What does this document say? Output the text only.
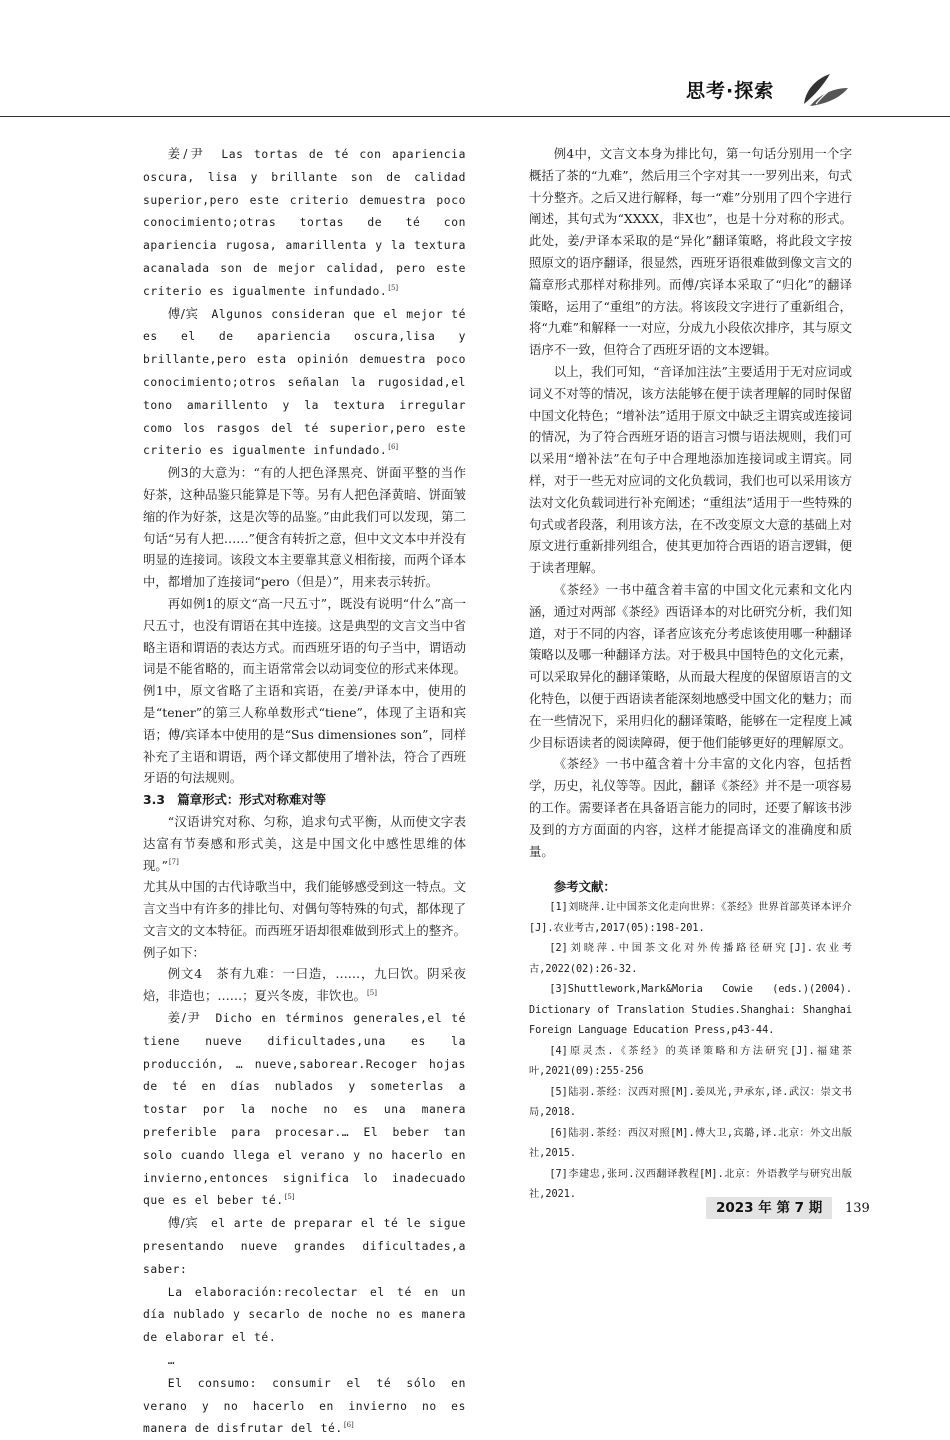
思考·探索

姜/尹　Las tortas de té con apariencia oscura, lisa y brillante son de calidad superior,pero este criterio demuestra poco conocimiento;otras tortas de té con apariencia rugosa, amarillenta y la textura acanalada son de mejor calidad, pero este criterio es igualmente infundado.[5]

傅/宾　Algunos consideran que el mejor té es el de apariencia oscura,lisa y brillante,pero esta opinión demuestra poco conocimiento;otros señalan la rugosidad,el tono amarillento y la textura irregular como los rasgos del té superior,pero este criterio es igualmente infundado.[6]

例3的大意为：“有的人把色泽黑亮、饼面平整的当作好茶，这种品鉴只能算是下等。另有人把色泽黄暗、饼面皱缩的作为好茶，这是次等的品鉴。”由此我们可以发现，第二句话“另有人把……”便含有转折之意，但中文文本中并没有明显的连接词。该段文本主要靠其意义相衔接，而两个译本中，都增加了连接词“pero（但是）”，用来表示转折。

再如例1的原文“高一尺五寸”，既没有说明“什么”高一尺五寸，也没有谓语在其中连接。这是典型的文言文当中省略主语和谓语的表达方式。而西班牙语的句子当中，谓语动词是不能省略的，而主语常常会以动词变位的形式来体现。例1中，原文省略了主语和宾语，在姜/尹译本中，使用的是“tener”的第三人称单数形式“tiene”，体现了主语和宾语；傅/宾译本中使用的是“Sus dimensiones son”，同样补充了主语和谓语，两个译文都使用了增补法，符合了西班牙语的句法规则。

3.3　篇章形式：形式对称难对等

“汉语讲究对称、匀称，追求句式平衡，从而使文字表达富有节奏感和形式美，这是中国文化中感性思维的体现。”[7]

尤其从中国的古代诗歌当中，我们能够感受到这一特点。文言文当中有许多的排比句、对偶句等特殊的句式，都体现了文言文的文本特征。而西班牙语却很难做到形式上的整齐。例子如下：

例文4　茶有九难：一曰造，……，九曰饮。阴采夜焙，非造也；……；夏兴冬废，非饮也。[5]

姜/尹　Dicho en términos generales,el té tiene nueve dificultades,una es la producción, … nueve,saborear.Recoger hojas de té en días nublados y someterlas a tostar por la noche no es una manera preferible para procesar.… El beber tan solo cuando llega el verano y no hacerlo en invierno,entonces significa lo inadecuado que es el beber té.[5]

傅/宾　el arte de preparar el té le sigue presentando nueve grandes dificultades,a saber:

La elaboración:recolectar el té en un día nublado y secarlo de noche no es manera de elaborar el té.

…

El consumo: consumir el té sólo en verano y no hacerlo en invierno no es manera de disfrutar del té.[6]

例4中，文言文本身为排比句，第一句话分别用一个字概括了茶的“九难”，然后用三个字对其一一罗列出来，句式十分整齐。之后又进行解释，每一“难”分别用了四个字进行阐述，其句式为“XXXX，非X也”，也是十分对称的形式。此处，姜/尹译本采取的是“异化”翻译策略，将此段文字按照原文的语序翻译，很显然，西班牙语很难做到像文言文的篇章形式那样对称排列。而傅/宾译本采取了“归化”的翻译策略，运用了“重组”的方法。将该段文字进行了重新组合，将“九难”和解释一一对应，分成九小段依次排序，其与原文语序不一致，但符合了西班牙语的文本逻辑。

以上，我们可知，“音译加注法”主要适用于无对应词或词义不对等的情况，该方法能够在便于读者理解的同时保留中国文化特色；“增补法”适用于原文中缺乏主谓宾或连接词的情况，为了符合西班牙语的语言习惯与语法规则，我们可以采用“增补法”在句子中合理地添加连接词或主谓宾。同样，对于一些无对应词的文化负载词，我们也可以采用该方法对文化负载词进行补充阐述；“重组法”适用于一些特殊的句式或者段落，利用该方法，在不改变原文大意的基础上对原文进行重新排列组合，使其更加符合西语的语言逻辑，便于读者理解。

《茶经》一书中蕴含着丰富的中国文化元素和文化内涵，通过对两部《茶经》西语译本的对比研究分析，我们知道，对于不同的内容，译者应该充分考虑该使用哪一种翻译策略以及哪一种翻译方法。对于极具中国特色的文化元素，可以采取异化的翻译策略，从而最大程度的保留原语言的文化特色，以便于西语读者能深刻地感受中国文化的魅力；而在一些情况下，采用归化的翻译策略，能够在一定程度上减少目标语读者的阅读障碍，便于他们能够更好的理解原文。

《茶经》一书中蕴含着十分丰富的文化内容，包括哲学，历史，礼仪等等。因此，翻译《茶经》并不是一项容易的工作。需要译者在具备语言能力的同时，还要了解该书涉及到的方方面面的内容，这样才能提高译文的准确度和质量。

参考文献：

[1]刘晓萍.让中国茶文化走向世界：《茶经》世界首部英译本评介[J].农业考古,2017(05):198-201.

[2]刘晓萍.中国茶文化对外传播路径研究[J].农业考古,2022(02):26-32.

[3]Shuttlework,Mark&Moria Cowie (eds.)(2004). Dictionary of Translation Studies.Shanghai: Shanghai Foreign Language Education Press,p43-44.

[4]原灵杰.《茶经》的英译策略和方法研究[J].福建茶叶,2021(09):255-256

[5]陆羽.茶经：汉西对照[M].姜凤光,尹承东,译.武汉：崇文书局,2018.

[6]陆羽.茶经：西汉对照[M].傅大卫,宾璐,译.北京：外文出版社,2015.

[7]李建忠,张珂.汉西翻译教程[M].北京：外语教学与研究出版社,2021.

2023 年 第 7 期 139
